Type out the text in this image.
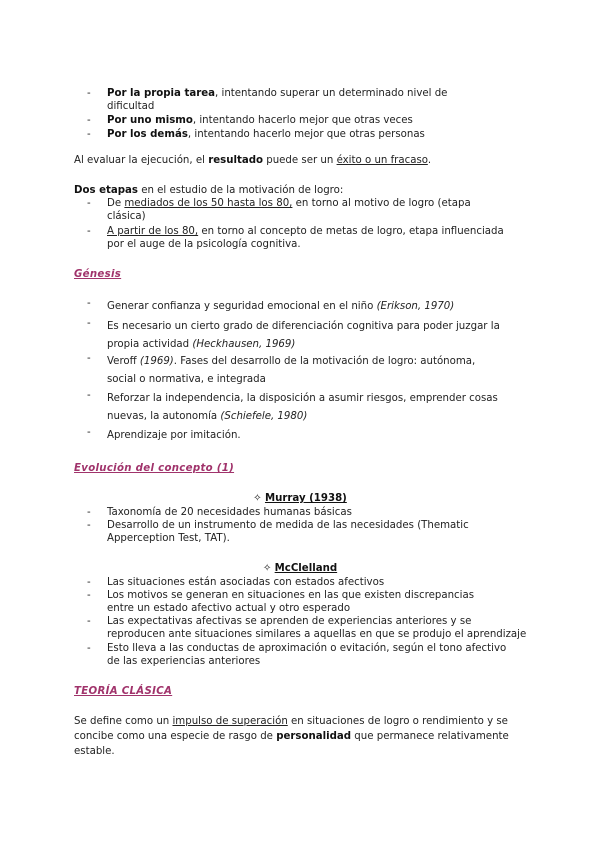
- Por la propia tarea, intentando superar un determinado nivel de
dificultad
- Por uno mismo, intentando hacerlo mejor que otras veces
- Por los demás, intentando hacerlo mejor que otras personas
Al evaluar la ejecución, el resultado puede ser un éxito o un fracaso.
Dos etapas en el estudio de la motivación de logro:
- De mediados de los 50 hasta los 80, en torno al motivo de logro (etapa
clásica)
- A partir de los 80, en torno al concepto de metas de logro, etapa influenciada
por el auge de la psicología cognitiva.
Génesis
- Generar confianza y seguridad emocional en el niño (Erikson, 1970)
- Es necesario un cierto grado de diferenciación cognitiva para poder juzgar la
propia actividad (Heckhausen, 1969)
- Veroff (1969). Fases del desarrollo de la motivación de logro: autónoma,
social o normativa, e integrada
- Reforzar la independencia, la disposición a asumir riesgos, emprender cosas
nuevas, la autonomía (Schiefele, 1980)
- Aprendizaje por imitación.
Evolución del concepto (1)
✧ Murray (1938)
- Taxonomía de 20 necesidades humanas básicas
- Desarrollo de un instrumento de medida de las necesidades (Thematic
Apperception Test, TAT).
✧ McClelland
- Las situaciones están asociadas con estados afectivos
- Los motivos se generan en situaciones en las que existen discrepancias
entre un estado afectivo actual y otro esperado
- Las expectativas afectivas se aprenden de experiencias anteriores y se
reproducen ante situaciones similares a aquellas en que se produjo el aprendizaje
- Esto lleva a las conductas de aproximación o evitación, según el tono afectivo
de las experiencias anteriores
TEORÍA CLÁSICA
Se define como un impulso de superación en situaciones de logro o rendimiento y se concibe como una especie de rasgo de personalidad que permanece relativamente estable.
